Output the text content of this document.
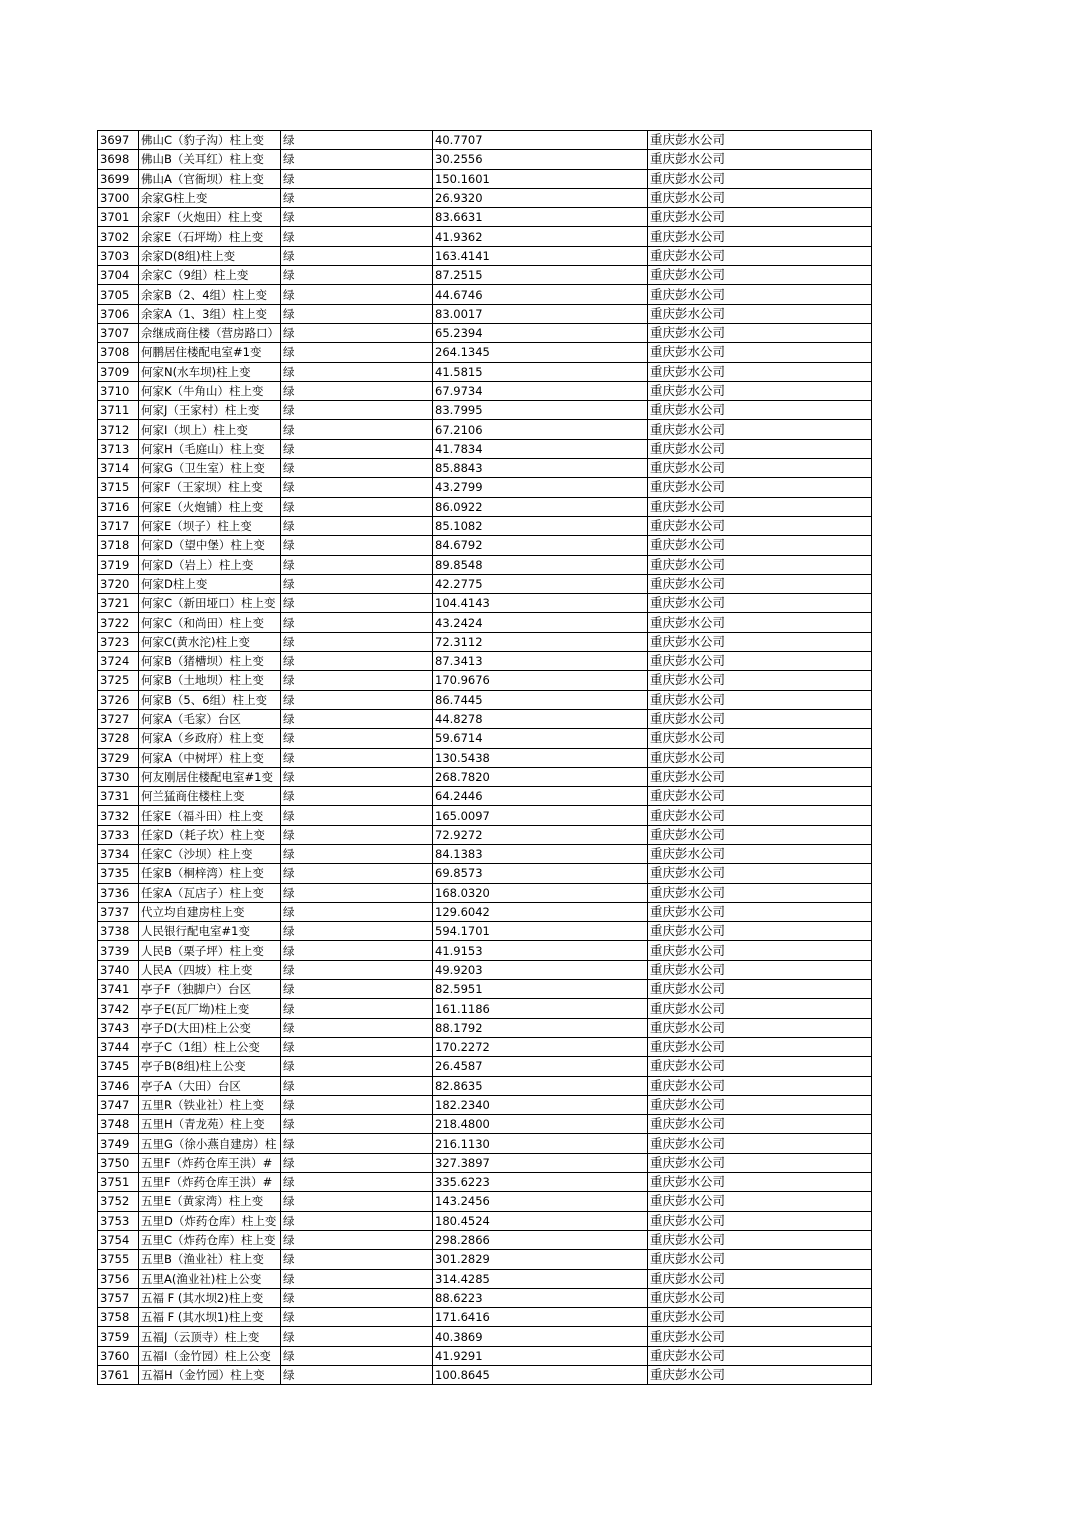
3697	佛山C（豹子沟）柱上变	绿	40.7707	重庆彭水公司
3698	佛山B（关耳红）柱上变	绿	30.2556	重庆彭水公司
3699	佛山A（官衙坝）柱上变	绿	150.1601	重庆彭水公司
3700	余家G柱上变	绿	26.9320	重庆彭水公司
3701	余家F（火炮田）柱上变	绿	83.6631	重庆彭水公司
3702	余家E（石坪坳）柱上变	绿	41.9362	重庆彭水公司
3703	余家D(8组)柱上变	绿	163.4141	重庆彭水公司
3704	余家C（9组）柱上变	绿	87.2515	重庆彭水公司
3705	余家B（2、4组）柱上变	绿	44.6746	重庆彭水公司
3706	余家A（1、3组）柱上变	绿	83.0017	重庆彭水公司
3707	佘继成商住楼（营房路口）	绿	65.2394	重庆彭水公司
3708	何鹏居住楼配电室#1变	绿	264.1345	重庆彭水公司
3709	何家N(水车坝)柱上变	绿	41.5815	重庆彭水公司
3710	何家K（牛角山）柱上变	绿	67.9734	重庆彭水公司
3711	何家J（王家村）柱上变	绿	83.7995	重庆彭水公司
3712	何家I（坝上）柱上变	绿	67.2106	重庆彭水公司
3713	何家H（毛庭山）柱上变	绿	41.7834	重庆彭水公司
3714	何家G（卫生室）柱上变	绿	85.8843	重庆彭水公司
3715	何家F（王家坝）柱上变	绿	43.2799	重庆彭水公司
3716	何家E（火炮铺）柱上变	绿	86.0922	重庆彭水公司
3717	何家E（坝子）柱上变	绿	85.1082	重庆彭水公司
3718	何家D（望中堡）柱上变	绿	84.6792	重庆彭水公司
3719	何家D（岩上）柱上变	绿	89.8548	重庆彭水公司
3720	何家D柱上变	绿	42.2775	重庆彭水公司
3721	何家C（新田垭口）柱上变	绿	104.4143	重庆彭水公司
3722	何家C（和尚田）柱上变	绿	43.2424	重庆彭水公司
3723	何家C(黄水沱)柱上变	绿	72.3112	重庆彭水公司
3724	何家B（猪槽坝）柱上变	绿	87.3413	重庆彭水公司
3725	何家B（土地坝）柱上变	绿	170.9676	重庆彭水公司
3726	何家B（5、6组）柱上变	绿	86.7445	重庆彭水公司
3727	何家A（毛家）台区	绿	44.8278	重庆彭水公司
3728	何家A（乡政府）柱上变	绿	59.6714	重庆彭水公司
3729	何家A（中树坪）柱上变	绿	130.5438	重庆彭水公司
3730	何友刚居住楼配电室#1变	绿	268.7820	重庆彭水公司
3731	何兰猛商住楼柱上变	绿	64.2446	重庆彭水公司
3732	任家E（福斗田）柱上变	绿	165.0097	重庆彭水公司
3733	任家D（耗子坎）柱上变	绿	72.9272	重庆彭水公司
3734	任家C（沙坝）柱上变	绿	84.1383	重庆彭水公司
3735	任家B（桐梓湾）柱上变	绿	69.8573	重庆彭水公司
3736	任家A（瓦店子）柱上变	绿	168.0320	重庆彭水公司
3737	代立均自建房柱上变	绿	129.6042	重庆彭水公司
3738	人民银行配电室#1变	绿	594.1701	重庆彭水公司
3739	人民B（栗子坪）柱上变	绿	41.9153	重庆彭水公司
3740	人民A（四坡）柱上变	绿	49.9203	重庆彭水公司
3741	亭子F（独脚户）台区	绿	82.5951	重庆彭水公司
3742	亭子E(瓦厂坳)柱上变	绿	161.1186	重庆彭水公司
3743	亭子D(大田)柱上公变	绿	88.1792	重庆彭水公司
3744	亭子C（1组）柱上公变	绿	170.2272	重庆彭水公司
3745	亭子B(8组)柱上公变	绿	26.4587	重庆彭水公司
3746	亭子A（大田）台区	绿	82.8635	重庆彭水公司
3747	五里R（铁业社）柱上变	绿	182.2340	重庆彭水公司
3748	五里H（青龙苑）柱上变	绿	218.4800	重庆彭水公司
3749	五里G（徐小燕自建房）柱	绿	216.1130	重庆彭水公司
3750	五里F（炸药仓库王洪）#	绿	327.3897	重庆彭水公司
3751	五里F（炸药仓库王洪）#	绿	335.6223	重庆彭水公司
3752	五里E（黄家湾）柱上变	绿	143.2456	重庆彭水公司
3753	五里D（炸药仓库）柱上变	绿	180.4524	重庆彭水公司
3754	五里C（炸药仓库）柱上变	绿	298.2866	重庆彭水公司
3755	五里B（渔业社）柱上变	绿	301.2829	重庆彭水公司
3756	五里A(渔业社)柱上公变	绿	314.4285	重庆彭水公司
3757	五福 F (其水坝2)柱上变	绿	88.6223	重庆彭水公司
3758	五福 F (其水坝1)柱上变	绿	171.6416	重庆彭水公司
3759	五福J（云顶寺）柱上变	绿	40.3869	重庆彭水公司
3760	五福I（金竹园）柱上公变	绿	41.9291	重庆彭水公司
3761	五福H（金竹园）柱上变	绿	100.8645	重庆彭水公司
